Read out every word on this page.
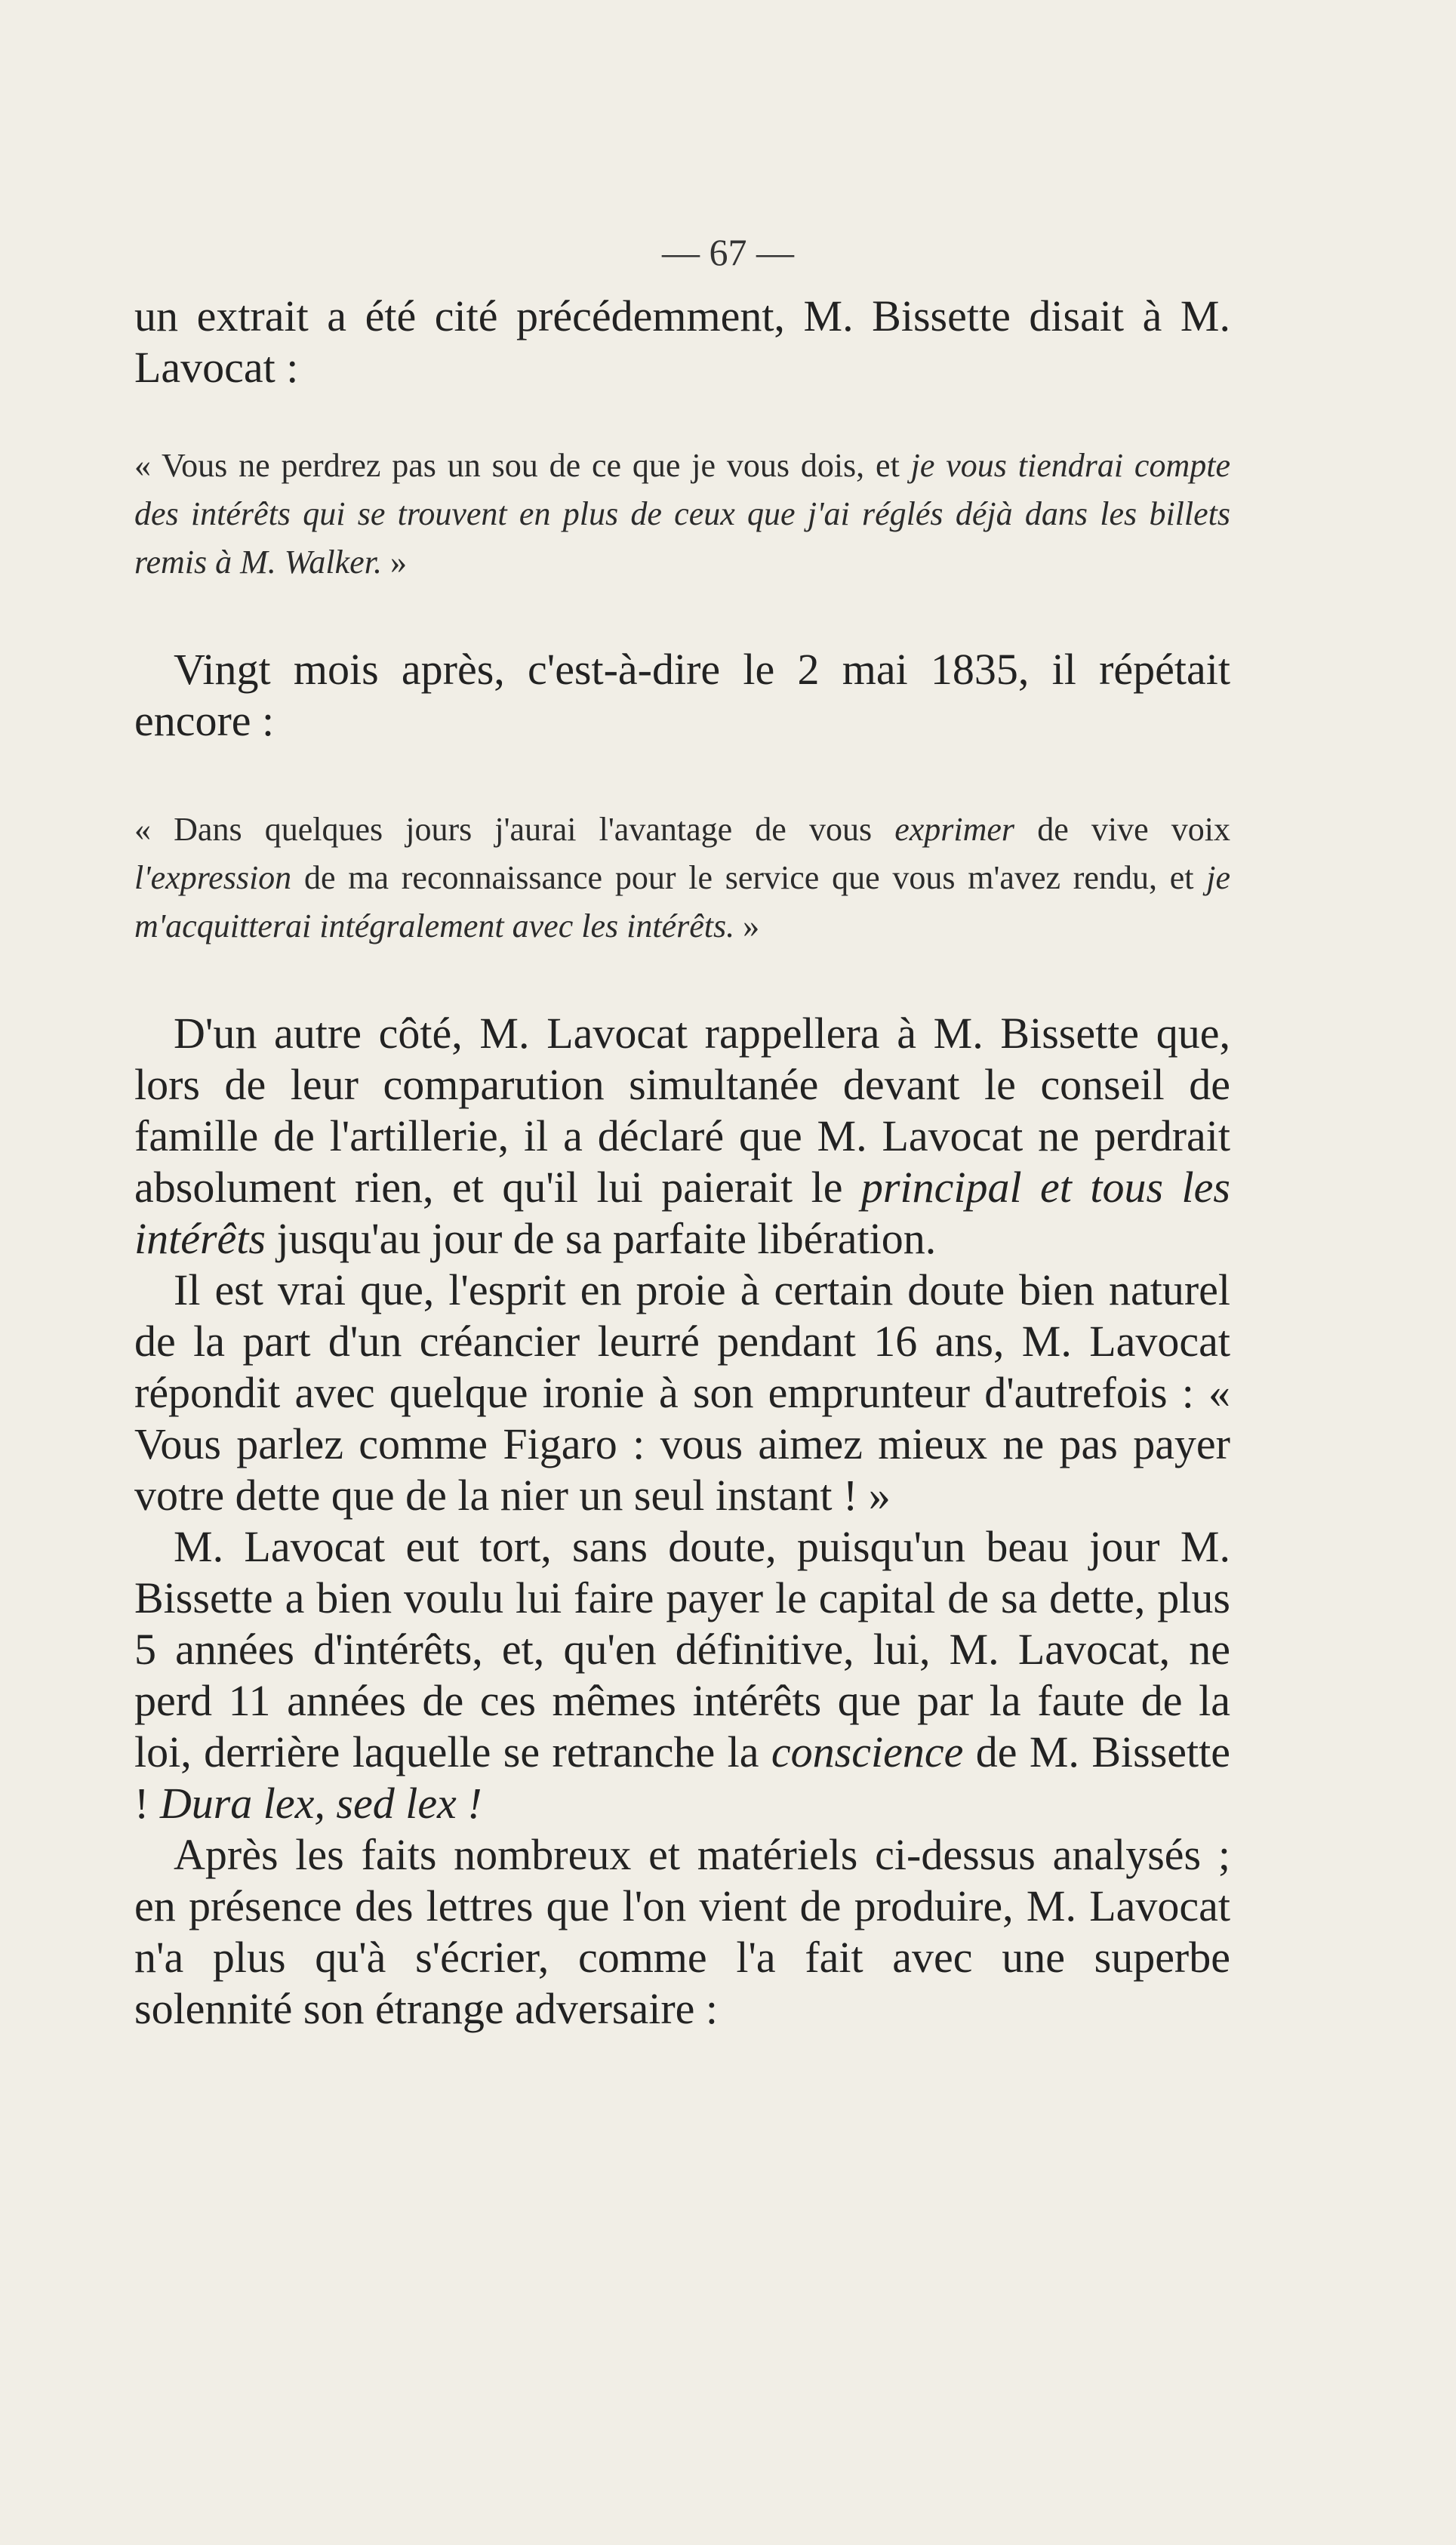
— 67 —

un extrait a été cité précédemment, M. Bissette disait à M. Lavocat :

« Vous ne perdrez pas un sou de ce que je vous dois, et je vous tiendrai compte des intérêts qui se trouvent en plus de ceux que j'ai réglés déjà dans les billets remis à M. Walker. »

Vingt mois après, c'est-à-dire le 2 mai 1835, il répétait encore :

« Dans quelques jours j'aurai l'avantage de vous exprimer de vive voix l'expression de ma reconnaissance pour le service que vous m'avez rendu, et je m'acquitterai intégralement avec les intérêts. »

D'un autre côté, M. Lavocat rappellera à M. Bissette que, lors de leur comparution simultanée devant le conseil de famille de l'artillerie, il a déclaré que M. Lavocat ne perdrait absolument rien, et qu'il lui paierait le principal et tous les intérêts jusqu'au jour de sa parfaite libération.

Il est vrai que, l'esprit en proie à certain doute bien naturel de la part d'un créancier leurré pendant 16 ans, M. Lavocat répondit avec quelque ironie à son emprunteur d'autrefois : « Vous parlez comme Figaro : vous aimez mieux ne pas payer votre dette que de la nier un seul instant ! »

M. Lavocat eut tort, sans doute, puisqu'un beau jour M. Bissette a bien voulu lui faire payer le capital de sa dette, plus 5 années d'intérêts, et, qu'en définitive, lui, M. Lavocat, ne perd 11 années de ces mêmes intérêts que par la faute de la loi, derrière laquelle se retranche la conscience de M. Bissette ! Dura lex, sed lex !

Après les faits nombreux et matériels ci-dessus analysés ; en présence des lettres que l'on vient de produire, M. Lavocat n'a plus qu'à s'écrier, comme l'a fait avec une superbe solennité son étrange adversaire :
